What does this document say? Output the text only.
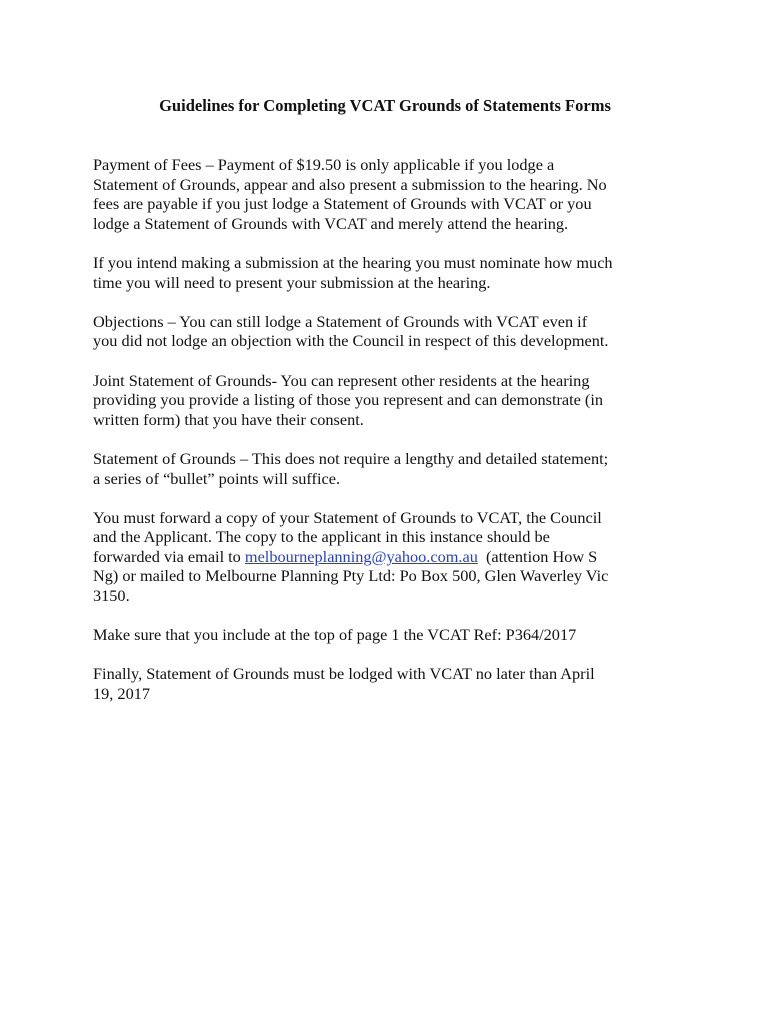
Guidelines for Completing VCAT Grounds of Statements Forms

Payment of Fees – Payment of $19.50 is only applicable if you lodge a
Statement of Grounds, appear and also present a submission to the hearing. No
fees are payable if you just lodge a Statement of Grounds with VCAT or you
lodge a Statement of Grounds with VCAT and merely attend the hearing.

If you intend making a submission at the hearing you must nominate how much
time you will need to present your submission at the hearing.

Objections – You can still lodge a Statement of Grounds with VCAT even if
you did not lodge an objection with the Council in respect of this development.

Joint Statement of Grounds- You can represent other residents at the hearing
providing you provide a listing of those you represent and can demonstrate (in
written form) that you have their consent.

Statement of Grounds – This does not require a lengthy and detailed statement;
a series of “bullet” points will suffice.

You must forward a copy of your Statement of Grounds to VCAT, the Council
and the Applicant. The copy to the applicant in this instance should be
forwarded via email to melbourneplanning@yahoo.com.au  (attention How S
Ng) or mailed to Melbourne Planning Pty Ltd: Po Box 500, Glen Waverley Vic
3150.

Make sure that you include at the top of page 1 the VCAT Ref: P364/2017

Finally, Statement of Grounds must be lodged with VCAT no later than April
19, 2017
